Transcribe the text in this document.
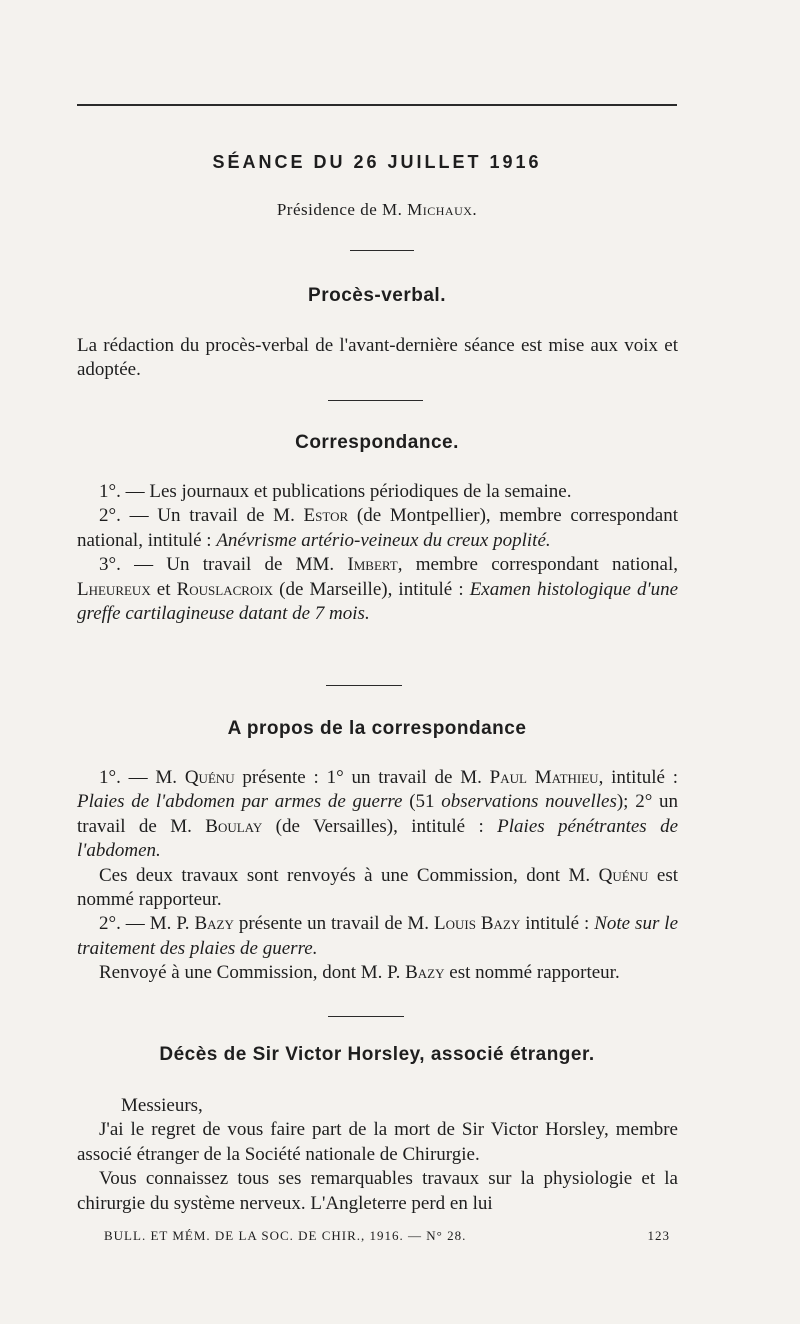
SÉANCE DU 26 JUILLET 1916
Présidence de M. Michaux.
Procès-verbal.

La rédaction du procès-verbal de l'avant-dernière séance est mise aux voix et adoptée.

Correspondance.

1°. — Les journaux et publications périodiques de la semaine.

2°. — Un travail de M. Estor (de Montpellier), membre correspondant national, intitulé : Anévrisme artério-veineux du creux poplité.

3°. — Un travail de MM. Imbert, membre correspondant national, Lheureux et Rouslacroix (de Marseille), intitulé : Examen histologique d'une greffe cartilagineuse datant de 7 mois.

A propos de la correspondance

1°. — M. Quénu présente : 1° un travail de M. Paul Mathieu, intitulé : Plaies de l'abdomen par armes de guerre (51 observations nouvelles); 2° un travail de M. Boulay (de Versailles), intitulé : Plaies pénétrantes de l'abdomen.

Ces deux travaux sont renvoyés à une Commission, dont M. Quénu est nommé rapporteur.

2°. — M. P. Bazy présente un travail de M. Louis Bazy intitulé : Note sur le traitement des plaies de guerre.

Renvoyé à une Commission, dont M. P. Bazy est nommé rapporteur.

Décès de Sir Victor Horsley, associé étranger.

Messieurs,

J'ai le regret de vous faire part de la mort de Sir Victor Horsley, membre associé étranger de la Société nationale de Chirurgie.

Vous connaissez tous ses remarquables travaux sur la physiologie et la chirurgie du système nerveux. L'Angleterre perd en lui

BULL. ET MÉM. DE LA SOC. DE CHIR., 1916. — N° 28.	123
